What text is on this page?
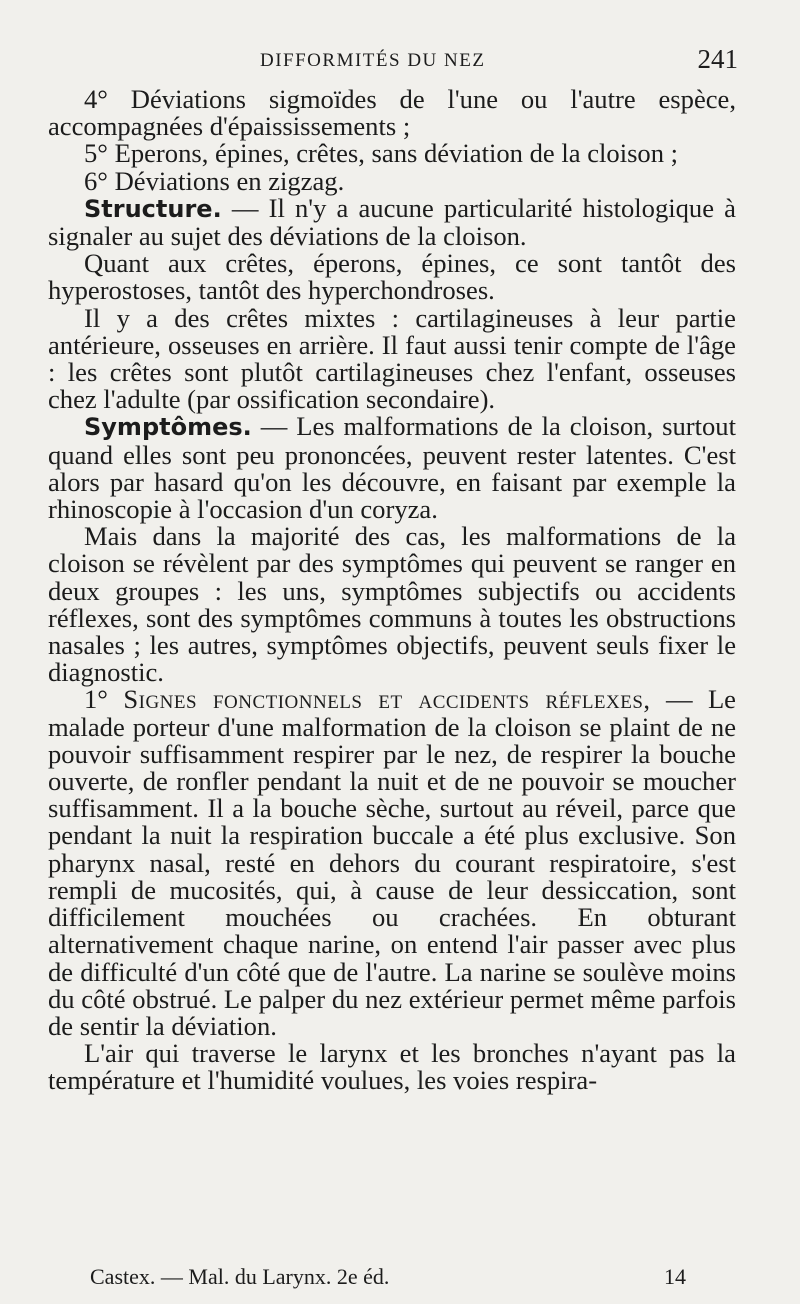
DIFFORMITÉS DU NEZ	241

4° Déviations sigmoïdes de l'une ou l'autre espèce, accompagnées d'épaississements ;

5° Eperons, épines, crêtes, sans déviation de la cloison ;

6° Déviations en zigzag.

Structure. — Il n'y a aucune particularité histologique à signaler au sujet des déviations de la cloison.

Quant aux crêtes, éperons, épines, ce sont tantôt des hyperostoses, tantôt des hyperchondroses.

Il y a des crêtes mixtes : cartilagineuses à leur partie antérieure, osseuses en arrière. Il faut aussi tenir compte de l'âge : les crêtes sont plutôt cartilagineuses chez l'enfant, osseuses chez l'adulte (par ossification secondaire).

Symptômes. — Les malformations de la cloison, surtout quand elles sont peu prononcées, peuvent rester latentes. C'est alors par hasard qu'on les découvre, en faisant par exemple la rhinoscopie à l'occasion d'un coryza.

Mais dans la majorité des cas, les malformations de la cloison se révèlent par des symptômes qui peuvent se ranger en deux groupes : les uns, symptômes subjectifs ou accidents réflexes, sont des symptômes communs à toutes les obstructions nasales ; les autres, symptômes objectifs, peuvent seuls fixer le diagnostic.

1° Signes fonctionnels et accidents réflexes, — Le malade porteur d'une malformation de la cloison se plaint de ne pouvoir suffisamment respirer par le nez, de respirer la bouche ouverte, de ronfler pendant la nuit et de ne pouvoir se moucher suffisamment. Il a la bouche sèche, surtout au réveil, parce que pendant la nuit la respiration buccale a été plus exclusive. Son pharynx nasal, resté en dehors du courant respiratoire, s'est rempli de mucosités, qui, à cause de leur dessiccation, sont difficilement mouchées ou crachées. En obturant alternativement chaque narine, on entend l'air passer avec plus de difficulté d'un côté que de l'autre. La narine se soulève moins du côté obstrué. Le palper du nez extérieur permet même parfois de sentir la déviation.

L'air qui traverse le larynx et les bronches n'ayant pas la température et l'humidité voulues, les voies respira-

Castex. — Mal. du Larynx. 2e éd.	14
